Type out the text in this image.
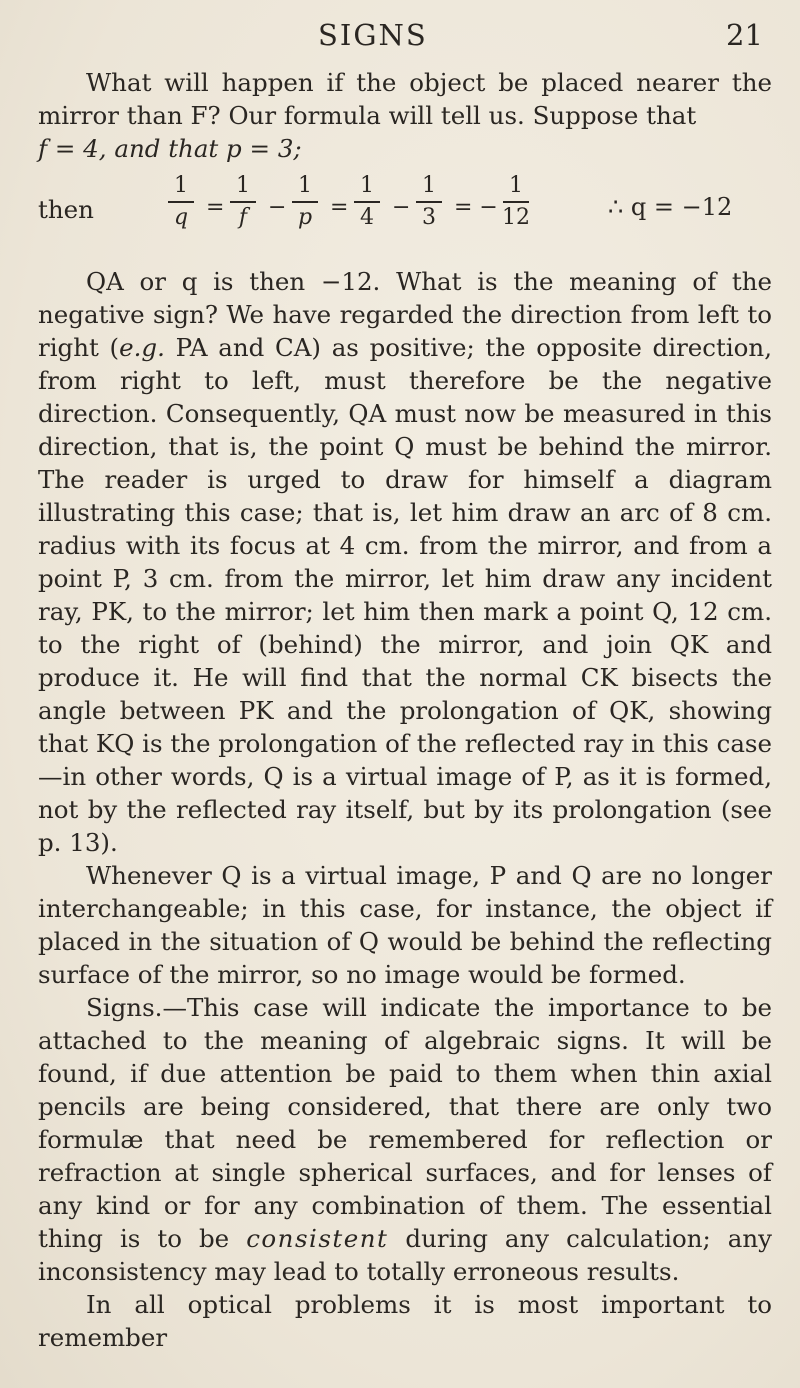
SIGNS	21

What will happen if the object be placed nearer the mirror than F? Our formula will tell us. Suppose that
f = 4, and that p = 3;

then
1
q =
1
f −
1
p =
1
4 −
1
3 = −
1
12	∴ q = −12

QA or q is then −12. What is the meaning of the negative sign? We have regarded the direction from left to right (e.g. PA and CA) as positive; the opposite direction, from right to left, must therefore be the negative direction. Consequently, QA must now be measured in this direction, that is, the point Q must be behind the mirror. The reader is urged to draw for himself a diagram illustrating this case; that is, let him draw an arc of 8 cm. radius with its focus at 4 cm. from the mirror, and from a point P, 3 cm. from the mirror, let him draw any incident ray, PK, to the mirror; let him then mark a point Q, 12 cm. to the right of (behind) the mirror, and join QK and produce it. He will find that the normal CK bisects the angle between PK and the prolongation of QK, showing that KQ is the prolongation of the reflected ray in this case—in other words, Q is a virtual image of P, as it is formed, not by the reflected ray itself, but by its prolongation (see p. 13).

Whenever Q is a virtual image, P and Q are no longer interchangeable; in this case, for instance, the object if placed in the situation of Q would be behind the reflecting surface of the mirror, so no image would be formed.

Signs.—This case will indicate the importance to be attached to the meaning of algebraic signs. It will be found, if due attention be paid to them when thin axial pencils are being considered, that there are only two formulæ that need be remembered for reflection or refraction at single spherical surfaces, and for lenses of any kind or for any combination of them. The essential thing is to be consistent during any calculation; any inconsistency may lead to totally erroneous results.

In all optical problems it is most important to remember
